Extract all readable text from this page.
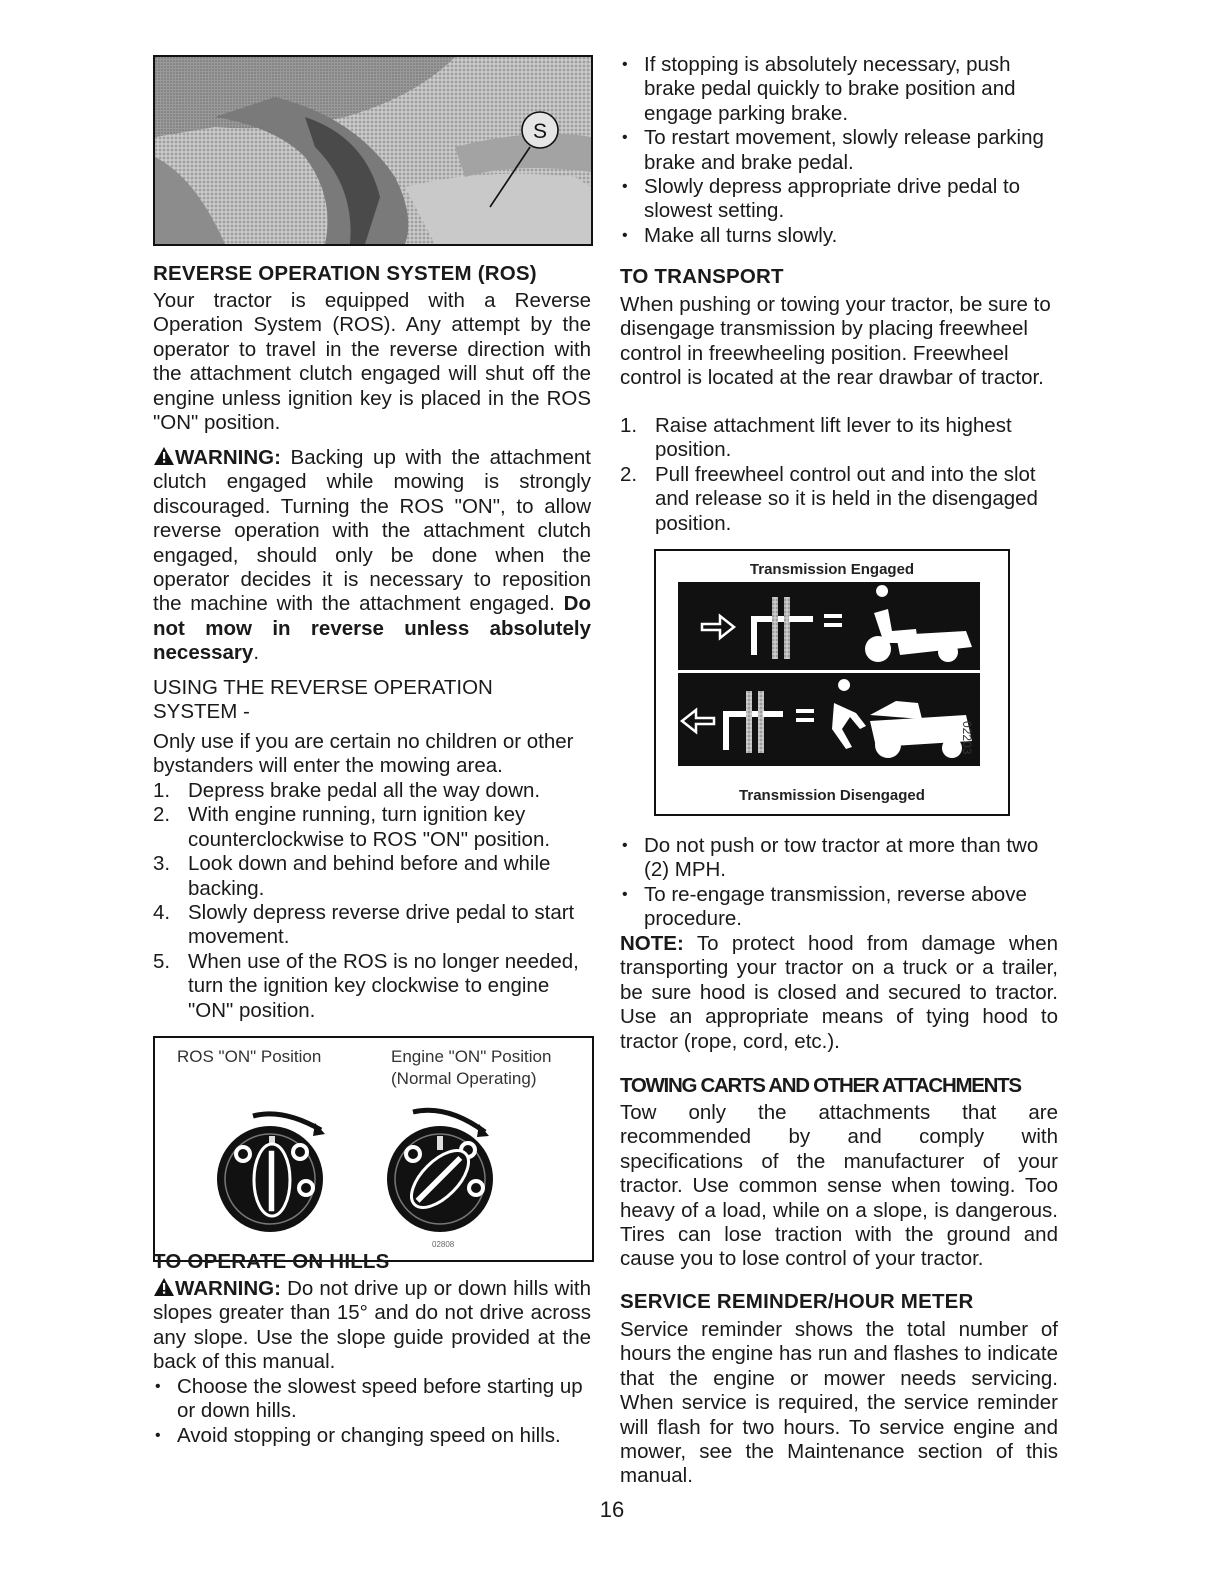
S
REVERSE OPERATION SYSTEM (ROS)

Your tractor is equipped with a Reverse Operation System (ROS). Any attempt by the operator to travel in the reverse direction with the attachment clutch engaged will shut off the engine unless ignition key is placed in the ROS "ON" position.

WARNING: Backing up with the attachment clutch engaged while mowing is strongly discouraged. Turning the ROS "ON", to allow reverse operation with the attachment clutch engaged, should only be done when the operator decides it is necessary to reposition the machine with the attachment engaged. Do not mow in reverse unless absolutely necessary.

USING THE REVERSE OPERATION SYSTEM -

Only use if you are certain no children or other bystanders will enter the mowing area.

1. Depress brake pedal all the way down.
2. With engine running, turn ignition key counterclockwise to ROS "ON" position.
3. Look down and behind before and while backing.
4. Slowly depress reverse drive pedal to start movement.
5. When use of the ROS is no longer needed, turn the ignition key clockwise to engine "ON" position.
ROS "ON" Position	Engine "ON" Position
(Normal Operating)
02808
TO OPERATE ON HILLS

WARNING: Do not drive up or down hills with slopes greater than 15° and do not drive across any slope. Use the slope guide provided at the back of this manual.

• Choose the slowest speed before starting up or down hills.
• Avoid stopping or changing speed on hills.
• If stopping is absolutely necessary, push brake pedal quickly to brake position and engage parking brake.
• To restart movement, slowly release parking brake and brake pedal.
• Slowly depress appropriate drive pedal to slowest setting.
• Make all turns slowly.
TO TRANSPORT

When pushing or towing your tractor, be sure to disengage transmission by placing freewheel control in freewheeling position. Freewheel control is located at the rear drawbar of tractor.

1. Raise attachment lift lever to its highest position.
2. Pull freewheel control out and into the slot and release so it is held in the disengaged position.
Transmission Engaged
02203
Transmission Disengaged
• Do not push or tow tractor at more than two (2) MPH.
• To re-engage transmission, reverse above procedure.

NOTE: To protect hood from damage when transporting your tractor on a truck or a trailer, be sure hood is closed and secured to tractor. Use an appropriate means of tying hood to tractor (rope, cord, etc.).

TOWING CARTS AND OTHER ATTACHMENTS

Tow only the attachments that are recommended by and comply with specifications of the manufacturer of your tractor. Use common sense when towing. Too heavy of a load, while on a slope, is dangerous. Tires can lose traction with the ground and cause you to lose control of your tractor.

SERVICE REMINDER/HOUR METER

Service reminder shows the total number of hours the engine has run and flashes to indicate that the engine or mower needs servicing. When service is required, the service reminder will flash for two hours. To service engine and mower, see the Maintenance section of this manual.

16
